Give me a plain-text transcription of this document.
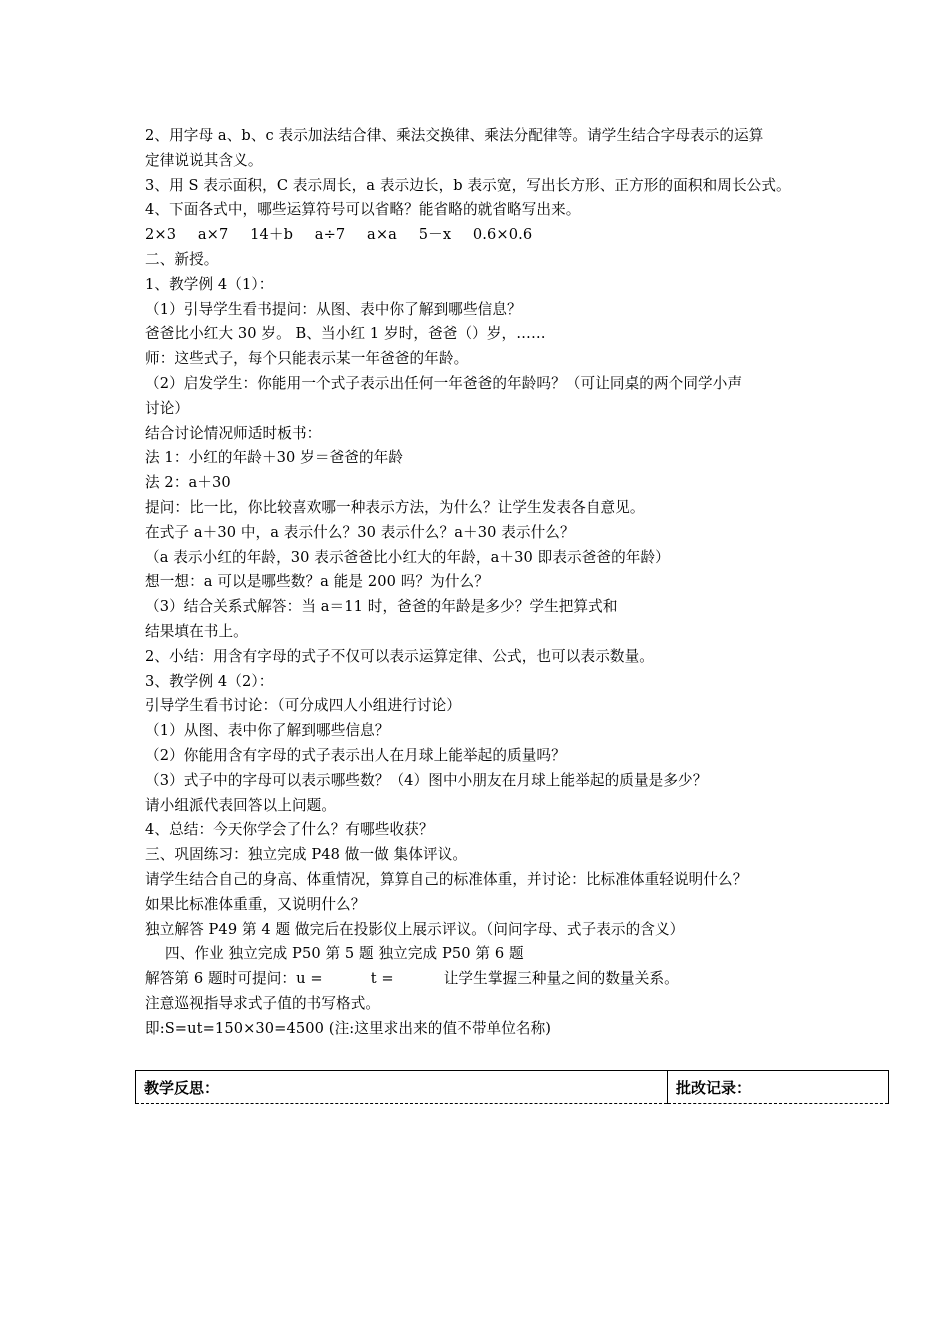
2、用字母 a、b、c 表示加法结合律、乘法交换律、乘法分配律等。请学生结合字母表示的运算
定律说说其含义。
3、用 S 表示面积，C 表示周长，a 表示边长，b 表示宽，写出长方形、正方形的面积和周长公式。
4、下面各式中，哪些运算符号可以省略？能省略的就省略写出来。
2×3 a×7 14＋b a÷7 a×a 5－x 0.6×0.6
二、新授。
1、教学例 4（1）：
（1）引导学生看书提问：从图、表中你了解到哪些信息？
爸爸比小红大 30 岁。 B、当小红 1 岁时，爸爸（）岁，……
师：这些式子，每个只能表示某一年爸爸的年龄。
（2）启发学生：你能用一个式子表示出任何一年爸爸的年龄吗？（可让同桌的两个同学小声
讨论）
结合讨论情况师适时板书：
法 1：小红的年龄＋30 岁＝爸爸的年龄
法 2：a＋30
提问：比一比，你比较喜欢哪一种表示方法，为什么？让学生发表各自意见。
在式子 a＋30 中，a 表示什么？30 表示什么？a＋30 表示什么？
（a 表示小红的年龄，30 表示爸爸比小红大的年龄，a＋30 即表示爸爸的年龄）
想一想：a 可以是哪些数？a 能是 200 吗？为什么？
（3）结合关系式解答：当 a＝11 时，爸爸的年龄是多少？学生把算式和
结果填在书上。
2、小结：用含有字母的式子不仅可以表示运算定律、公式，也可以表示数量。
3、教学例 4（2）：
引导学生看书讨论：（可分成四人小组进行讨论）
（1）从图、表中你了解到哪些信息？
（2）你能用含有字母的式子表示出人在月球上能举起的质量吗？
（3）式子中的字母可以表示哪些数？（4）图中小朋友在月球上能举起的质量是多少？
请小组派代表回答以上问题。
4、总结：今天你学会了什么？有哪些收获？
三、巩固练习：独立完成 P48 做一做 集体评议。
请学生结合自己的身高、体重情况，算算自己的标准体重，并讨论：比标准体重轻说明什么？
如果比标准体重重，又说明什么？
独立解答 P49 第 4 题 做完后在投影仪上展示评议。（问问字母、式子表示的含义）
四、作业 独立完成 P50 第 5 题 独立完成 P50 第 6 题
解答第 6 题时可提问：u =	t =	让学生掌握三种量之间的数量关系。
注意巡视指导求式子值的书写格式。
即:S=ut=150×30=4500 (注:这里求出来的值不带单位名称)
教学反思：	批改记录：
